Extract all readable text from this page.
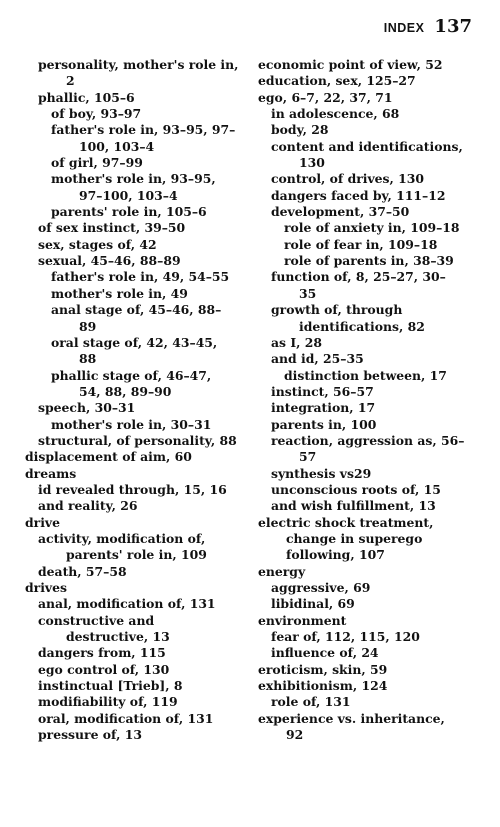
INDEX 137
personality, mother's role in,
2
phallic, 105–6
of boy, 93–97
father's role in, 93–95, 97–
100, 103–4
of girl, 97–99
mother's role in, 93–95,
97–100, 103–4
parents' role in, 105–6
of sex instinct, 39–50
sex, stages of, 42
sexual, 45–46, 88–89
father's role in, 49, 54–55
mother's role in, 49
anal stage of, 45–46, 88–
89
oral stage of, 42, 43–45,
88
phallic stage of, 46–47,
54, 88, 89–90
speech, 30–31
mother's role in, 30–31
structural, of personality, 88
displacement of aim, 60
dreams
id revealed through, 15, 16
and reality, 26
drive
activity, modification of,
parents' role in, 109
death, 57–58
drives
anal, modification of, 131
constructive and
destructive, 13
dangers from, 115
ego control of, 130
instinctual [Trieb], 8
modifiability of, 119
oral, modification of, 131
pressure of, 13
economic point of view, 52
education, sex, 125–27
ego, 6–7, 22, 37, 71
in adolescence, 68
body, 28
content and identifications,
130
control, of drives, 130
dangers faced by, 111–12
development, 37–50
role of anxiety in, 109–18
role of fear in, 109–18
role of parents in, 38–39
function of, 8, 25–27, 30–
35
growth of, through
identifications, 82
as I, 28
and id, 25–35
distinction between, 17
instinct, 56–57
integration, 17
parents in, 100
reaction, aggression as, 56–
57
synthesis vs29
unconscious roots of, 15
and wish fulfillment, 13
electric shock treatment,
change in superego
following, 107
energy
aggressive, 69
libidinal, 69
environment
fear of, 112, 115, 120
influence of, 24
eroticism, skin, 59
exhibitionism, 124
role of, 131
experience vs. inheritance,
92
